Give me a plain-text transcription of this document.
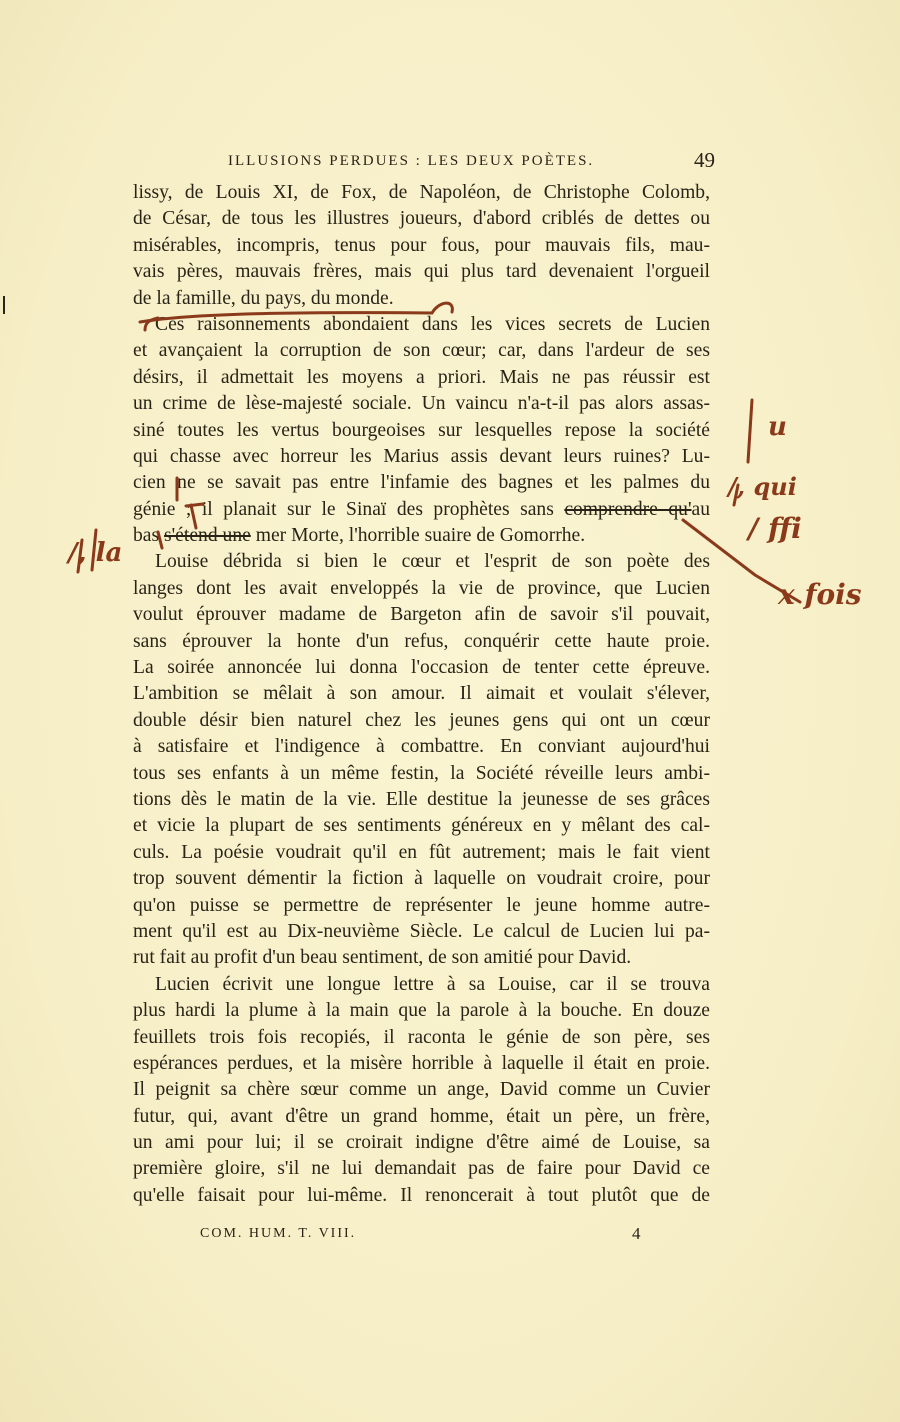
ILLUSIONS PERDUES : LES DEUX POÈTES.	49
lissy, de Louis XI, de Fox, de Napoléon, de Christophe Colomb,
de César, de tous les illustres joueurs, d'abord criblés de dettes ou
misérables, incompris, tenus pour fous, pour mauvais fils, mau-
vais pères, mauvais frères, mais qui plus tard devenaient l'orgueil
de la famille, du pays, du monde.
Ces raisonnements abondaient dans les vices secrets de Lucien
et avançaient la corruption de son cœur; car, dans l'ardeur de ses
désirs, il admettait les moyens a priori. Mais ne pas réussir est
un crime de lèse-majesté sociale. Un vaincu n'a-t-il pas alors assas-
siné toutes les vertus bourgeoises sur lesquelles repose la société
qui chasse avec horreur les Marius assis devant leurs ruines? Lu-
cien ne se savait pas entre l'infamie des bagnes et les palmes du
génie ; il planait sur le Sinaï des prophètes sans comprendre qu'au
bas s'étend une mer Morte, l'horrible suaire de Gomorrhe.
Louise débrida si bien le cœur et l'esprit de son poète des
langes dont les avait enveloppés la vie de province, que Lucien
voulut éprouver madame de Bargeton afin de savoir s'il pouvait,
sans éprouver la honte d'un refus, conquérir cette haute proie.
La soirée annoncée lui donna l'occasion de tenter cette épreuve.
L'ambition se mêlait à son amour. Il aimait et voulait s'élever,
double désir bien naturel chez les jeunes gens qui ont un cœur
à satisfaire et l'indigence à combattre. En conviant aujourd'hui
tous ses enfants à un même festin, la Société réveille leurs ambi-
tions dès le matin de la vie. Elle destitue la jeunesse de ses grâces
et vicie la plupart de ses sentiments généreux en y mêlant des cal-
culs. La poésie voudrait qu'il en fût autrement; mais le fait vient
trop souvent démentir la fiction à laquelle on voudrait croire, pour
qu'on puisse se permettre de représenter le jeune homme autre-
ment qu'il est au Dix-neuvième Siècle. Le calcul de Lucien lui pa-
rut fait au profit d'un beau sentiment, de son amitié pour David.
Lucien écrivit une longue lettre à sa Louise, car il se trouva
plus hardi la plume à la main que la parole à la bouche. En douze
feuillets trois fois recopiés, il raconta le génie de son père, ses
espérances perdues, et la misère horrible à laquelle il était en proie.
Il peignit sa chère sœur comme un ange, David comme un Cuvier
futur, qui, avant d'être un grand homme, était un père, un frère,
un ami pour lui; il se croirait indigne d'être aimé de Louise, sa
première gloire, s'il ne lui demandait pas de faire pour David ce
qu'elle faisait pour lui-même. Il renoncerait à tout plutôt que de
COM. HUM. T. VIII.	4
u
/, qui
/ ffi
x fois
/, la
